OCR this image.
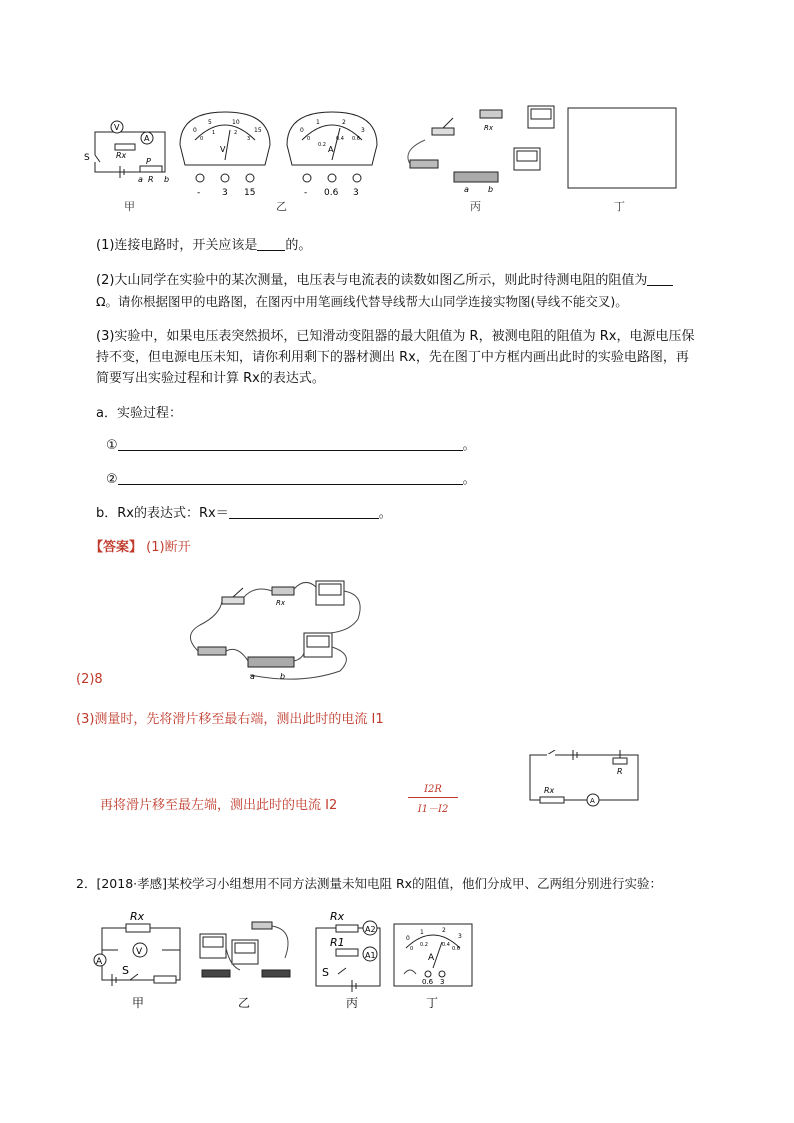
V
A
S	Rx
P
a R b
0
5	10
15
0
1	2
3
V
- 3 15
0
1	2
3
0
0.2
0.4 0.6
A
- 0.6 3
Rx
a b
甲	乙	丙	丁
(1)连接电路时，开关应该是 的。
(2)大山同学在实验中的某次测量，电压表与电流表的读数如图乙所示，则此时待测电阻的阻值为
Ω。请你根据图甲的电路图，在图丙中用笔画线代替导线帮大山同学连接实物图(导线不能交叉)。
(3)实验中，如果电压表突然损坏，已知滑动变阻器的最大阻值为 R，被测电阻的阻值为 Rx，电源电压保
持不变，但电源电压未知，请你利用剩下的器材测出 Rx，先在图丁中方框内画出此时的实验电路图，再
简要写出实验过程和计算 Rx的表达式。
a．实验过程：
①	。
②	。
b．Rx的表达式：Rx＝	。
【答案】 (1)断开
Rx
a	b
(2)8
(3)测量时，先将滑片移至最右端，测出此时的电流 I1
再将滑片移至最左端，测出此时的电流 I2
I2R
I1－I2
R
Rx
A
2．[2018·孝感]某校学习小组想用不同方法测量未知电阻 Rx的阻值，他们分成甲、乙两组分别进行实验：
Rx
V
A
S
Rx
R1
A2
A1
S
0
1	2
3
0
0.2	0.4
0.6
A
0.6 3
甲	乙	丙	丁
